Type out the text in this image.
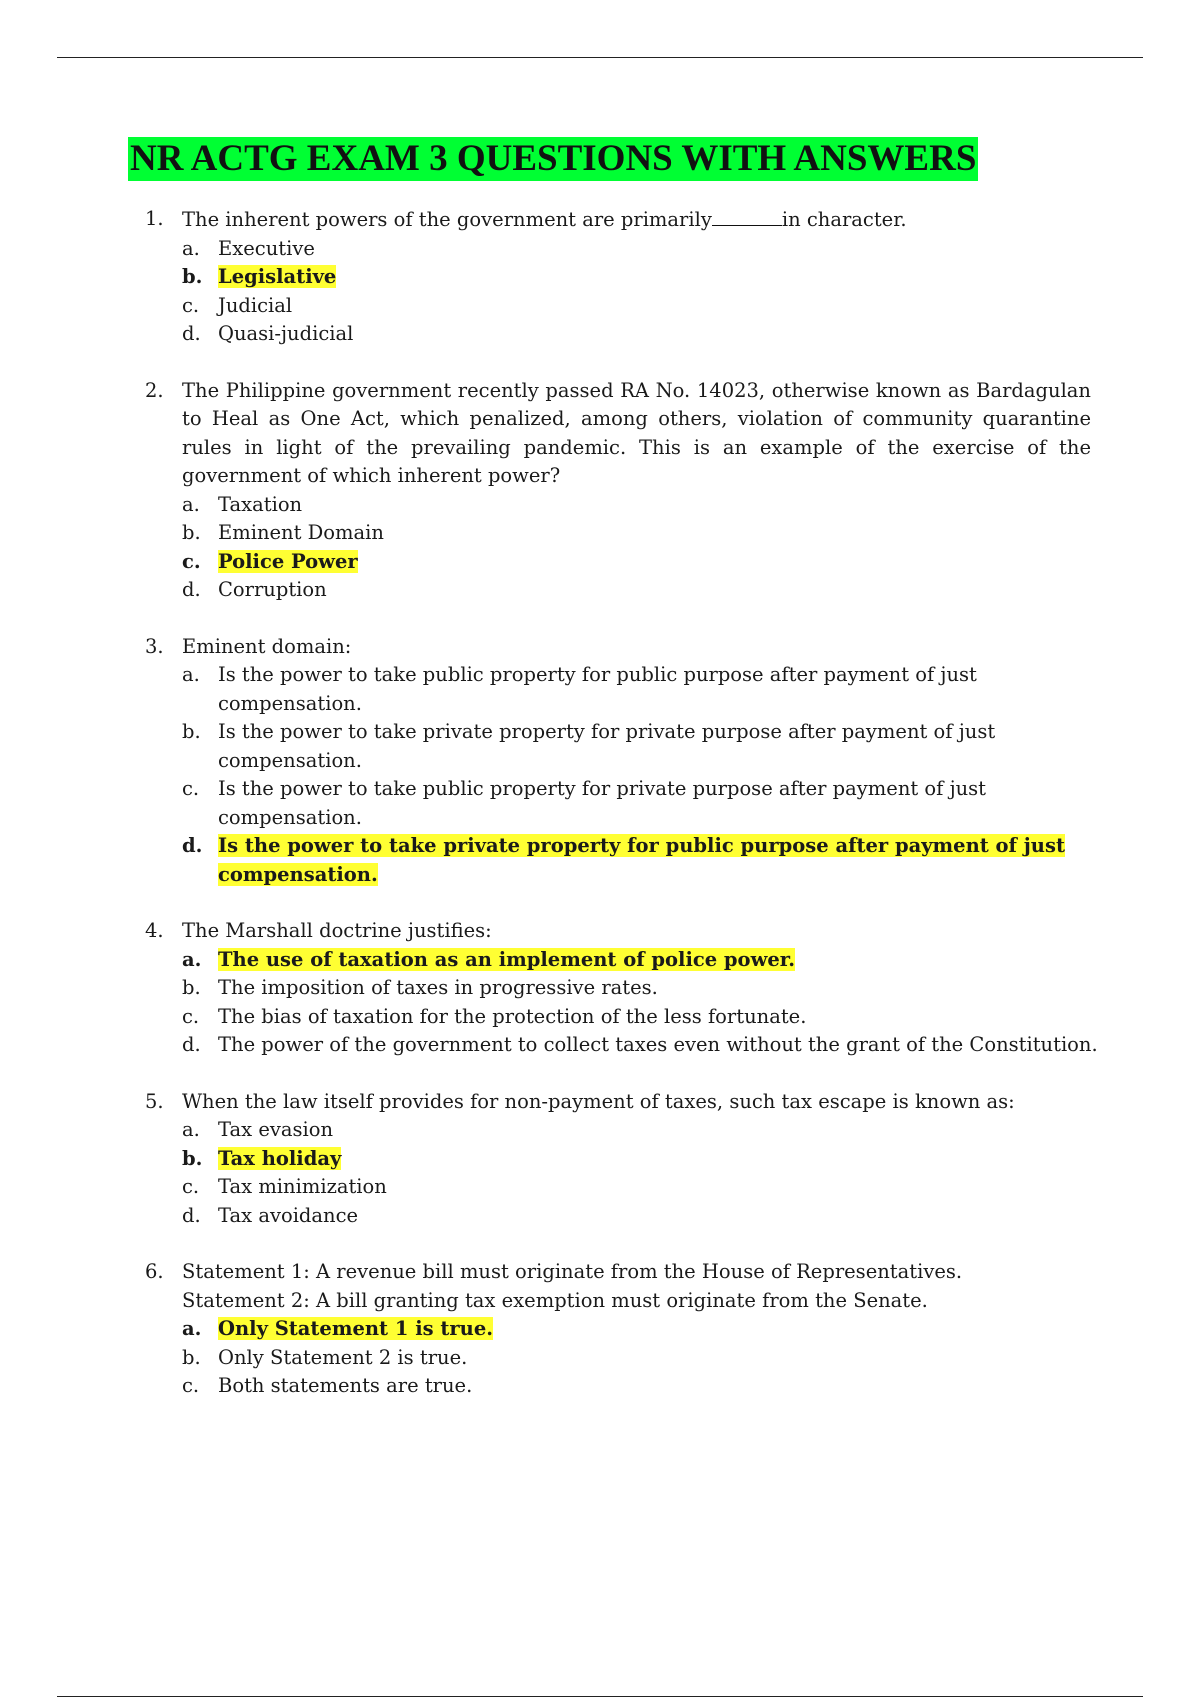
NR ACTG EXAM 3 QUESTIONS WITH ANSWERS
1. The inherent powers of the government are primarily	in character.
a. Executive
b. Legislative
c. Judicial
d. Quasi-judicial
2. The Philippine government recently passed RA No. 14023, otherwise known as Bardagulan to Heal as One Act, which penalized, among others, violation of community quarantine rules in light of the prevailing pandemic. This is an example of the exercise of the government of which inherent power?
a. Taxation
b. Eminent Domain
c. Police Power
d. Corruption
3. Eminent domain:
a. Is the power to take public property for public purpose after payment of just compensation.
b. Is the power to take private property for private purpose after payment of just compensation.
c. Is the power to take public property for private purpose after payment of just compensation.
d. Is the power to take private property for public purpose after payment of just compensation.
4. The Marshall doctrine justifies:
a. The use of taxation as an implement of police power.
b. The imposition of taxes in progressive rates.
c. The bias of taxation for the protection of the less fortunate.
d. The power of the government to collect taxes even without the grant of the Constitution.
5. When the law itself provides for non-payment of taxes, such tax escape is known as:
a. Tax evasion
b. Tax holiday
c. Tax minimization
d. Tax avoidance
6. Statement 1: A revenue bill must originate from the House of Representatives.
Statement 2: A bill granting tax exemption must originate from the Senate.
a. Only Statement 1 is true.
b. Only Statement 2 is true.
c. Both statements are true.
